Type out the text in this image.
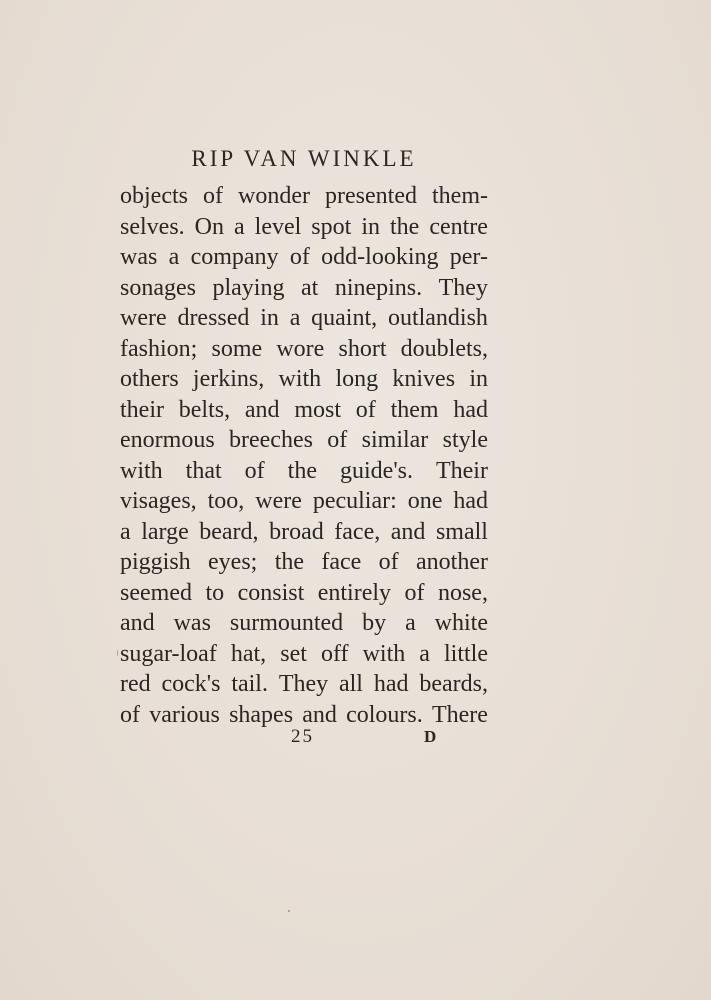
RIP VAN WINKLE
objects of wonder presented them-
selves. On a level spot in the centre
was a company of odd-looking per-
sonages playing at ninepins. They
were dressed in a quaint, outlandish
fashion; some wore short doublets,
others jerkins, with long knives in
their belts, and most of them had
enormous breeches of similar style
with that of the guide's. Their
visages, too, were peculiar: one had
a large beard, broad face, and small
piggish eyes; the face of another
seemed to consist entirely of nose,
and was surmounted by a white
sugar-loaf hat, set off with a little
red cock's tail. They all had beards,
of various shapes and colours. There
25	D
